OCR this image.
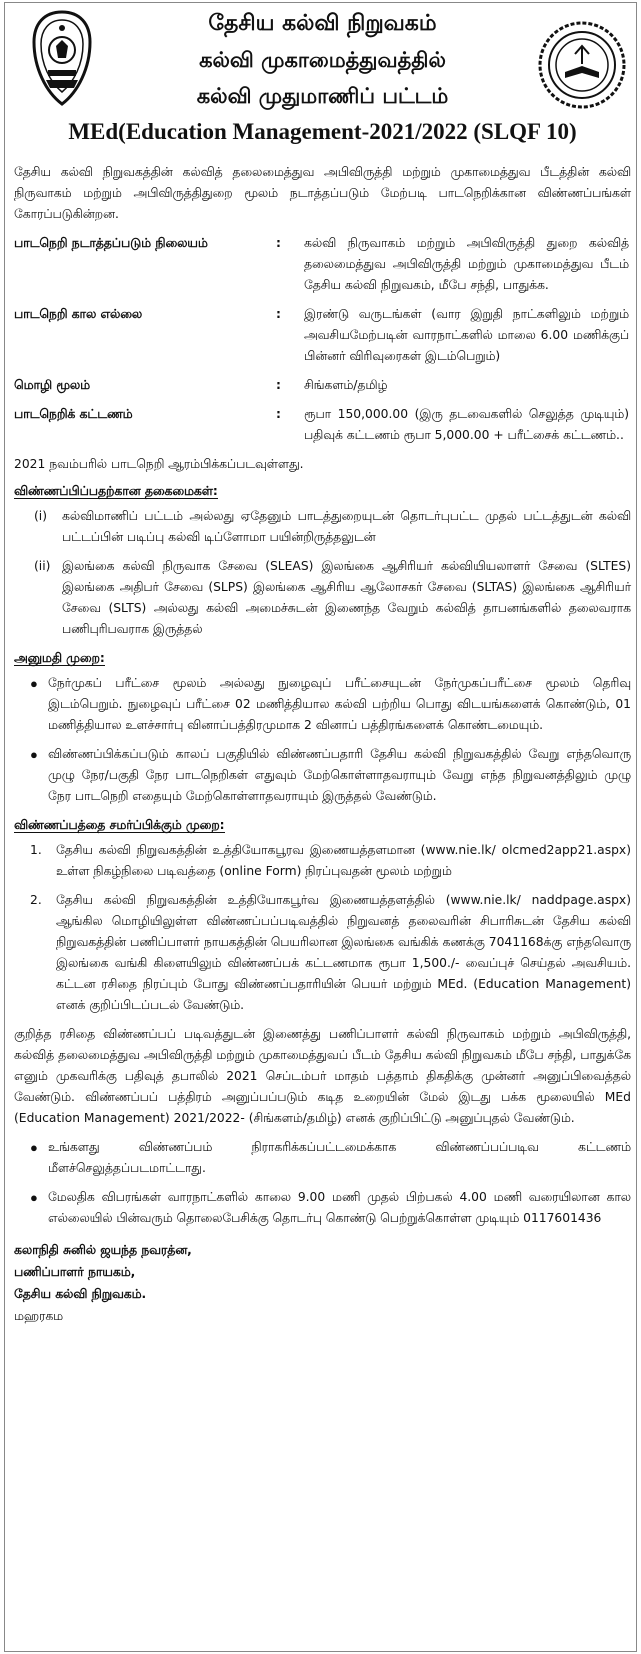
தேசிய கல்வி நிறுவகம்

கல்வி முகாமைத்துவத்தில்

கல்வி முதுமாணிப் பட்டம்

MEd(Education Management-2021/2022 (SLQF 10)

தேசிய கல்வி நிறுவகத்தின் கல்வித் தலைமைத்துவ அபிவிருத்தி மற்றும் முகாமைத்துவ பீடத்தின் கல்வி நிருவாகம் மற்றும் அபிவிருத்திதுறை மூலம் நடாத்தப்படும் மேற்படி பாடநெறிக்கான விண்ணப்பங்கள் கோரப்படுகின்றன.

பாடநெறி நடாத்தப்படும் நிலையம்	:	கல்வி நிருவாகம் மற்றும் அபிவிருத்தி துறை கல்வித் தலைமைத்துவ அபிவிருத்தி மற்றும் முகாமைத்துவ பீடம் தேசிய கல்வி நிறுவகம், மீபே சந்தி, பாதுக்க.
பாடநெறி கால எல்லை	:	இரண்டு வருடங்கள் (வார இறுதி நாட்களிலும் மற்றும் அவசியமேற்படின் வாரநாட்களில் மாலை 6.00 மணிக்குப் பின்னர் விரிவுரைகள் இடம்பெறும்)
மொழி மூலம்	:	சிங்களம்/தமிழ்
பாடநெறிக் கட்டணம்	:	ரூபா 150,000.00 (இரு தடவைகளில் செலுத்த முடியும்) பதிவுக் கட்டணம் ரூபா 5,000.00 + பரீட்சைக் கட்டணம்..

2021 நவம்பரில் பாடநெறி ஆரம்பிக்கப்படவுள்ளது.

விண்ணப்பிப்பதற்கான தகைமைகள்:
(i)	கல்விமாணிப் பட்டம் அல்லது ஏதேனும் பாடத்துறையுடன் தொடர்புபட்ட முதல் பட்டத்துடன் கல்வி பட்டப்பின் படிப்பு கல்வி டிப்ளோமா பயின்றிருத்தலுடன்
(ii) இலங்கை கல்வி நிருவாக சேவை (SLEAS) இலங்கை ஆசிரியர் கல்வியியலாளர் சேவை (SLTES) இலங்கை அதிபர் சேவை (SLPS) இலங்கை ஆசிரிய ஆலோசகர் சேவை (SLTAS) இலங்கை ஆசிரியர் சேவை (SLTS) அல்லது கல்வி அமைச்சுடன் இணைந்த வேறும் கல்வித் தாபனங்களில் தலைவராக பணிபுரிபவராக இருத்தல்
அனுமதி முறை:
● நேர்முகப் பரீட்சை மூலம் அல்லது நுழைவுப் பரீட்சையுடன் நேர்முகப்பரீட்சை மூலம் தெரிவு இடம்பெறும். நுழைவுப் பரீட்சை 02 மணித்தியால கல்வி பற்றிய பொது விடயங்களைக் கொண்டும், 01 மணித்தியால உளச்சார்பு வினாப்பத்திரமுமாக 2 வினாப் பத்திரங்களைக் கொண்டமையும்.
● விண்ணப்பிக்கப்படும் காலப் பகுதியில் விண்ணப்பதாரி தேசிய கல்வி நிறுவகத்தில் வேறு எந்தவொரு முழு நேர/பகுதி நேர பாடநெறிகள் எதுவும் மேற்கொள்ளாதவராயும் வேறு எந்த நிறுவனத்திலும் முழு நேர பாடநெறி எதையும் மேற்கொள்ளாதவராயும் இருத்தல் வேண்டும்.
விண்ணப்பத்தை சமர்ப்பிக்கும் முறை:
1.	தேசிய கல்வி நிறுவகத்தின் உத்தியோகபூரவ இணையத்தளமான (www.nie.lk/ olcmed2app21.aspx) உள்ள நிகழ்நிலை படிவத்தை (online Form) நிரப்புவதன் மூலம் மற்றும்
2.	தேசிய கல்வி நிறுவகத்தின் உத்தியோகபூர்வ இணையத்தளத்தில் (www.nie.lk/ naddpage.aspx) ஆங்கில மொழியிலுள்ள விண்ணப்பப்படிவத்தில் நிறுவனத் தலைவரின் சிபாரிசுடன் தேசிய கல்வி நிறுவகத்தின் பணிப்பாளர் நாயகத்தின் பெயரிலான இலங்கை வங்கிக் கணக்கு 7041168க்கு எந்தவொரு இலங்கை வங்கி கிளையிலும் விண்ணப்பக் கட்டணமாக ரூபா 1,500./- வைப்புச் செய்தல் அவசியம். கட்டன ரசிதை நிரப்பும் போது விண்ணப்பதாரியின் பெயர் மற்றும் MEd. (Education Management) எனக் குறிப்பிடப்படல் வேண்டும்.

குறித்த ரசிதை விண்ணப்பப் படிவத்துடன் இணைத்து பணிப்பாளர் கல்வி நிருவாகம் மற்றும் அபிவிருத்தி, கல்வித் தலைமைத்துவ அபிவிருத்தி மற்றும் முகாமைத்துவப் பீடம் தேசிய கல்வி நிறுவகம் மீபே சந்தி, பாதுக்கே எனும் முகவரிக்கு பதிவுத் தபாலில் 2021 செப்டம்பர் மாதம் பத்தாம் திகதிக்கு முன்னர் அனுப்பிவைத்தல் வேண்டும். விண்ணப்பப் பத்திரம் அனுப்பப்படும் கடித உறையின் மேல் இடது பக்க மூலையில் MEd (Education Management) 2021/2022- (சிங்களம்/தமிழ்) எனக் குறிப்பிட்டு அனுப்புதல் வேண்டும்.

● உங்களது விண்ணப்பம் நிராகரிக்கப்பட்டமைக்காக விண்ணப்பப்படிவ கட்டணம் மீளச்செலுத்தப்படமாட்டாது.
● மேலதிக விபரங்கள் வாரநாட்களில் காலை 9.00 மணி முதல் பிற்பகல் 4.00 மணி வரையிலான கால எல்லையில் பின்வரும் தொலைபேசிக்கு தொடர்பு கொண்டு பெற்றுக்கொள்ள முடியும் 0117601436
கலாநிதி சுனில் ஜயந்த நவரத்ன,
பணிப்பாளர் நாயகம்,
தேசிய கல்வி நிறுவகம்.
மஹரகம
